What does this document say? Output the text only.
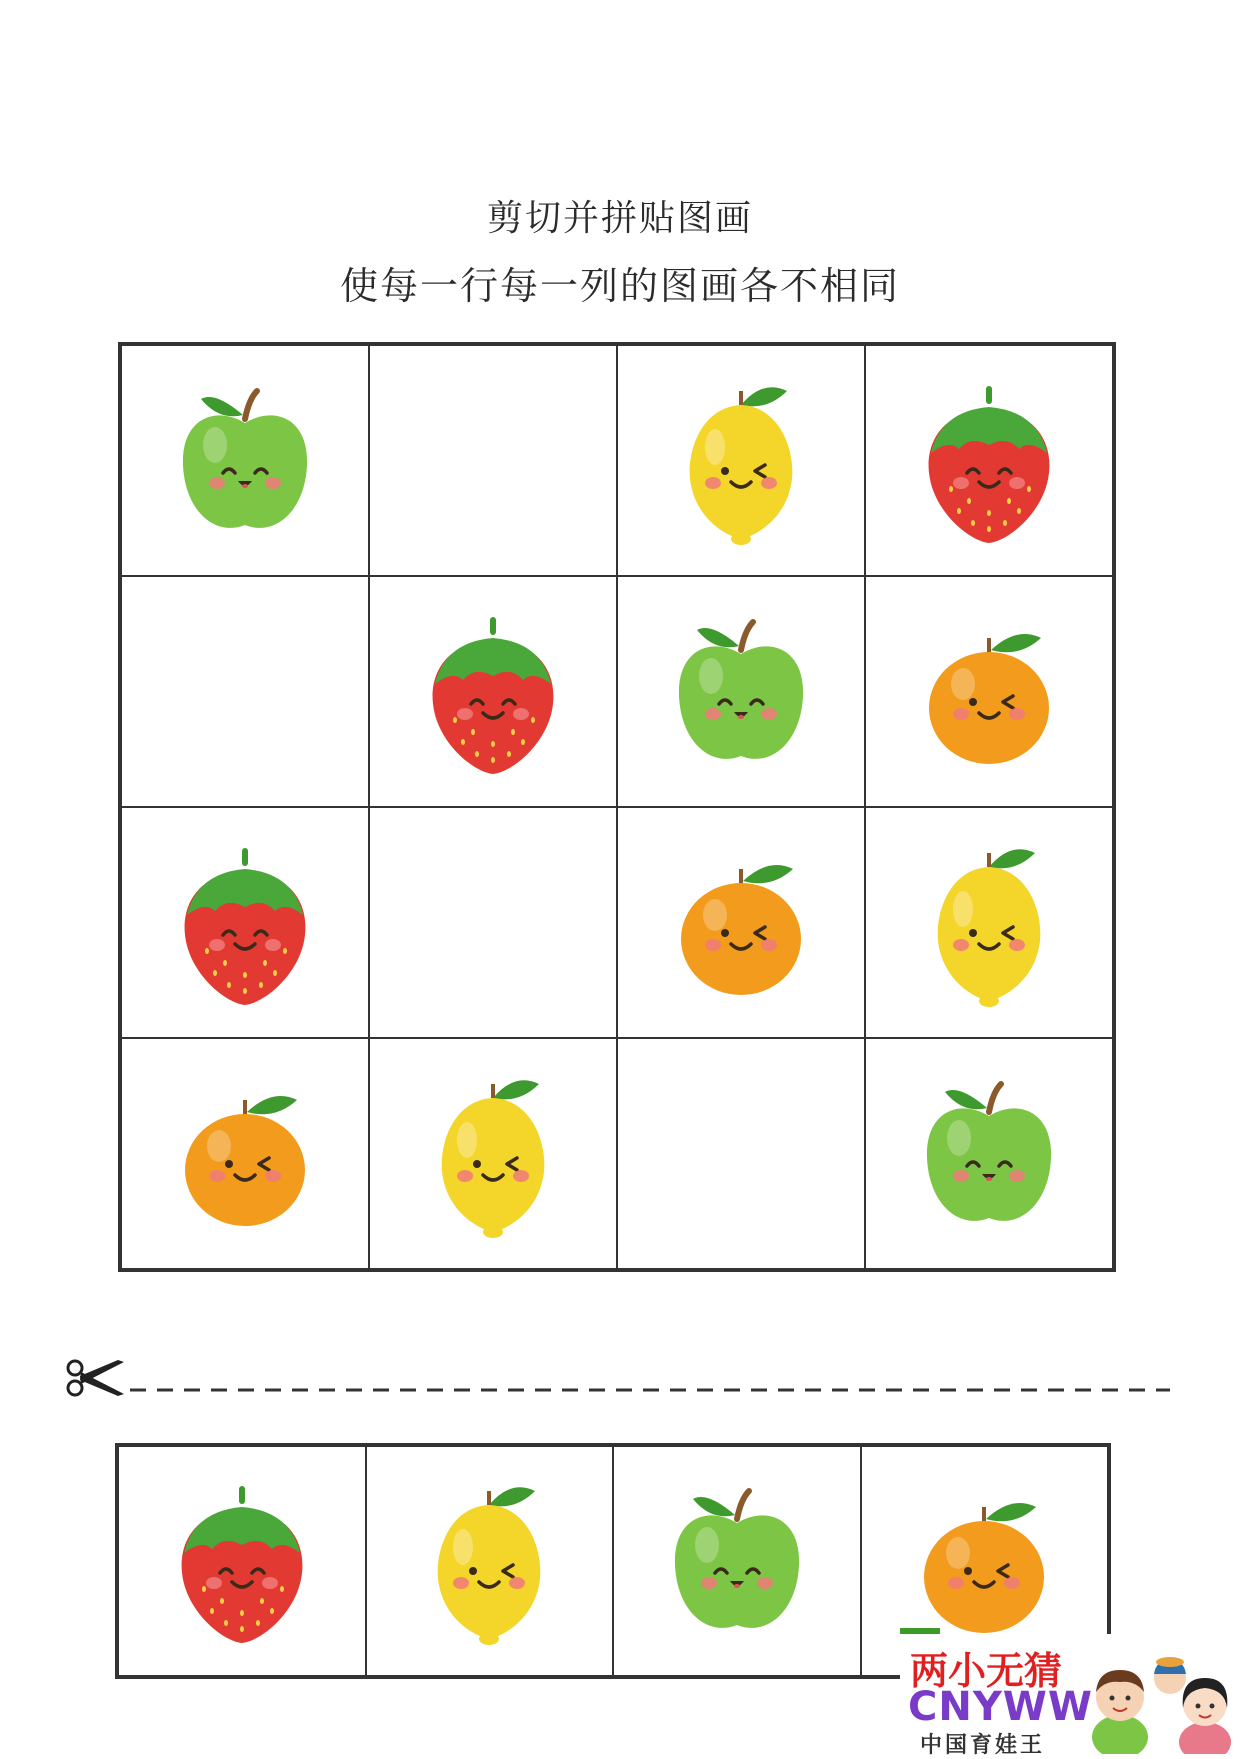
剪切并拼贴图画
使每一行每一列的图画各不相同
两小无猜
CNYWW
中国育娃王
